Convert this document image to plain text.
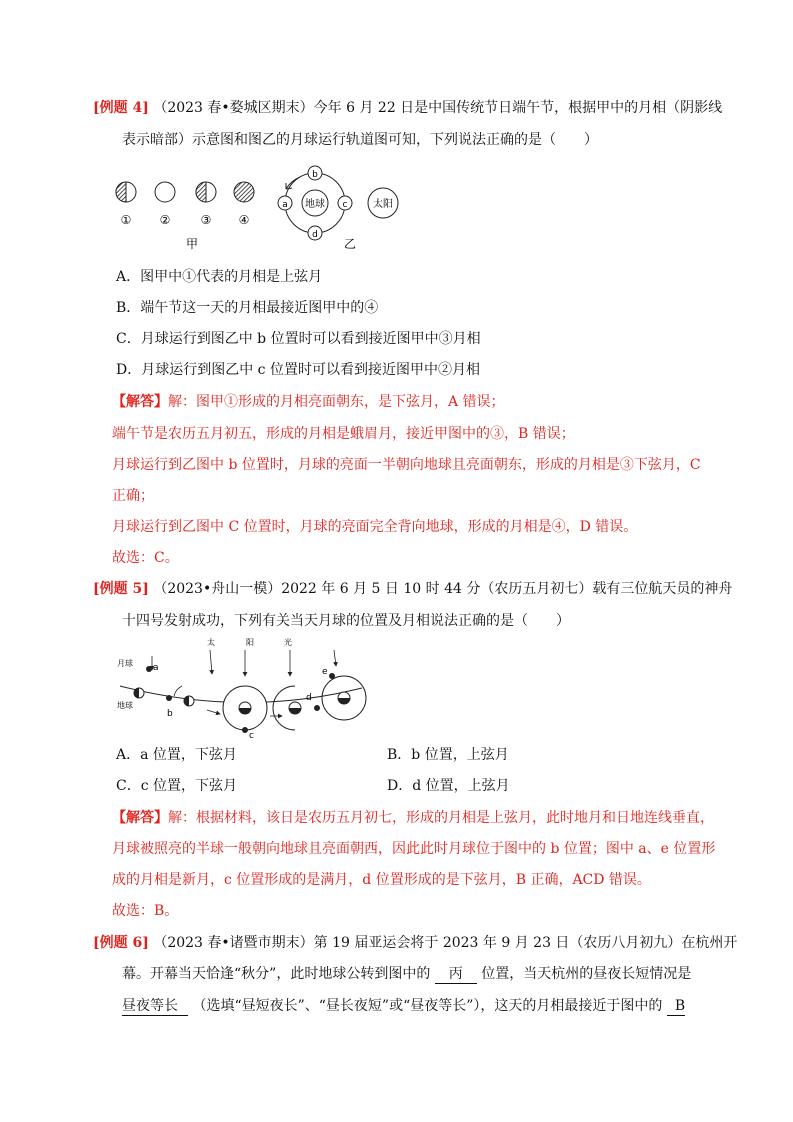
[例题 4] （2023 春•婺城区期末）今年 6 月 22 日是中国传统节日端午节，根据甲中的月相（阴影线
表示暗部）示意图和图乙的月球运行轨道图可知，下列说法正确的是（　　）
① ②	③ ④
甲
地球
b
a	c
d
太阳
乙
A．图甲中①代表的月相是上弦月
B．端午节这一天的月相最接近图甲中的④
C．月球运行到图乙中 b 位置时可以看到接近图甲中③月相
D．月球运行到图乙中 c 位置时可以看到接近图甲中②月相
【解答】解：图甲①形成的月相亮面朝东，是下弦月，A 错误；
端午节是农历五月初五，形成的月相是蛾眉月，接近甲图中的③，B 错误；
月球运行到乙图中 b 位置时，月球的亮面一半朝向地球且亮面朝东，形成的月相是③下弦月，C
正确；
月球运行到乙图中 C 位置时，月球的亮面完全背向地球，形成的月相是④，D 错误。
故选：C。
[例题 5] （2023•舟山一模）2022 年 6 月 5 日 10 时 44 分（农历五月初七）载有三位航天员的神舟
十四号发射成功，下列有关当天月球的位置及月相说法正确的是（　　）
月球
地球
太	阳	光
a
b
c
d
e
A．a 位置，下弦月	B．b 位置，上弦月
C．c 位置，下弦月	D．d 位置，上弦月
【解答】解：根据材料，该日是农历五月初七，形成的月相是上弦月，此时地月和日地连线垂直，
月球被照亮的半球一般朝向地球且亮面朝西，因此此时月球位于图中的 b 位置；图中 a、e 位置形
成的月相是新月，c 位置形成的是满月，d 位置形成的是下弦月，B 正确，ACD 错误。
故选：B。
[例题 6] （2023 春•诸暨市期末）第 19 届亚运会将于 2023 年 9 月 23 日（农历八月初九）在杭州开
幕。开幕当天恰逢“秋分”，此时地球公转到图中的 丙 位置，当天杭州的昼夜长短情况是
昼夜等长 （选填“昼短夜长”、“昼长夜短”或“昼夜等长”），这天的月相最接近于图中的 B
